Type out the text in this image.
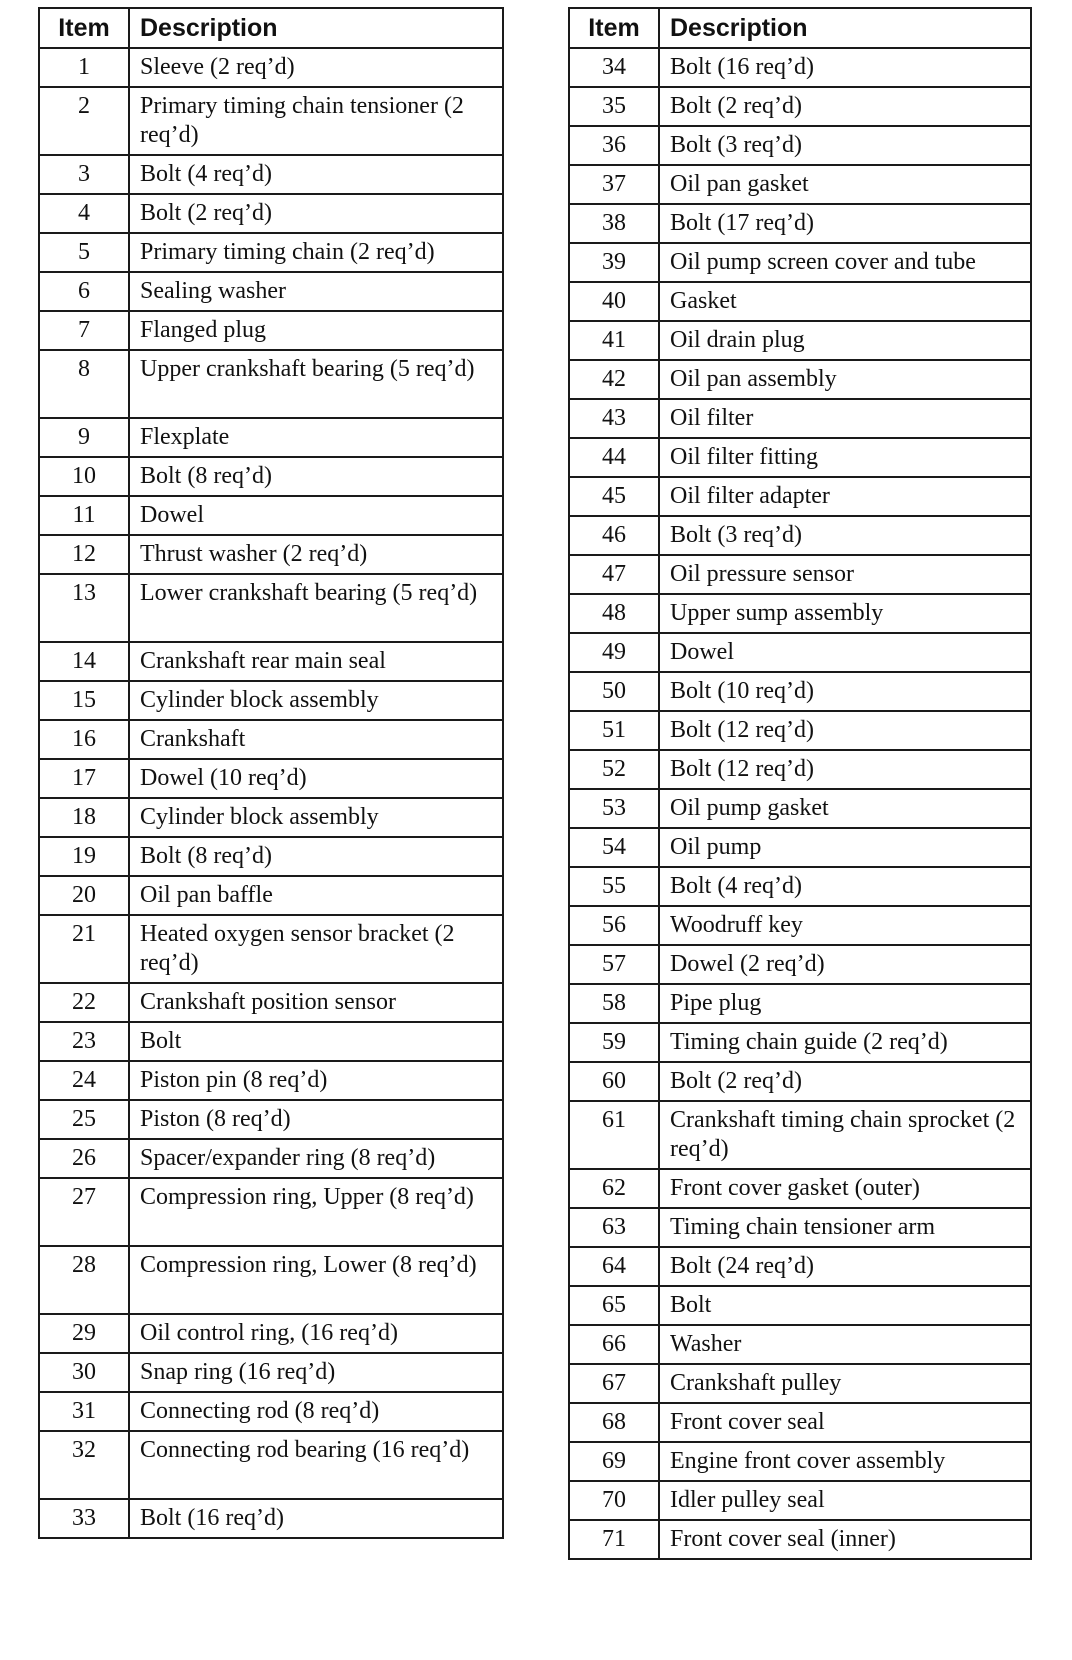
Item	Description
1	Sleeve (2 req’d)
2	Primary timing chain tensioner (2 req’d)
3	Bolt (4 req’d)
4	Bolt (2 req’d)
5	Primary timing chain (2 req’d)
6	Sealing washer
7	Flanged plug
8	Upper crankshaft bearing (5 req’d)
9	Flexplate
10	Bolt (8 req’d)
11	Dowel
12	Thrust washer (2 req’d)
13	Lower crankshaft bearing (5 req’d)
14	Crankshaft rear main seal
15	Cylinder block assembly
16	Crankshaft
17	Dowel (10 req’d)
18	Cylinder block assembly
19	Bolt (8 req’d)
20	Oil pan baffle
21	Heated oxygen sensor bracket (2 req’d)
22	Crankshaft position sensor
23	Bolt
24	Piston pin (8 req’d)
25	Piston (8 req’d)
26	Spacer/expander ring (8 req’d)
27	Compression ring, Upper (8 req’d)
28	Compression ring, Lower (8 req’d)
29	Oil control ring, (16 req’d)
30	Snap ring (16 req’d)
31	Connecting rod (8 req’d)
32	Connecting rod bearing (16 req’d)
33	Bolt (16 req’d)
Item	Description
34	Bolt (16 req’d)
35	Bolt (2 req’d)
36	Bolt (3 req’d)
37	Oil pan gasket
38	Bolt (17 req’d)
39	Oil pump screen cover and tube
40	Gasket
41	Oil drain plug
42	Oil pan assembly
43	Oil filter
44	Oil filter fitting
45	Oil filter adapter
46	Bolt (3 req’d)
47	Oil pressure sensor
48	Upper sump assembly
49	Dowel
50	Bolt (10 req’d)
51	Bolt (12 req’d)
52	Bolt (12 req’d)
53	Oil pump gasket
54	Oil pump
55	Bolt (4 req’d)
56	Woodruff key
57	Dowel (2 req’d)
58	Pipe plug
59	Timing chain guide (2 req’d)
60	Bolt (2 req’d)
61	Crankshaft timing chain sprocket (2 req’d)
62	Front cover gasket (outer)
63	Timing chain tensioner arm
64	Bolt (24 req’d)
65	Bolt
66	Washer
67	Crankshaft pulley
68	Front cover seal
69	Engine front cover assembly
70	Idler pulley seal
71	Front cover seal (inner)
